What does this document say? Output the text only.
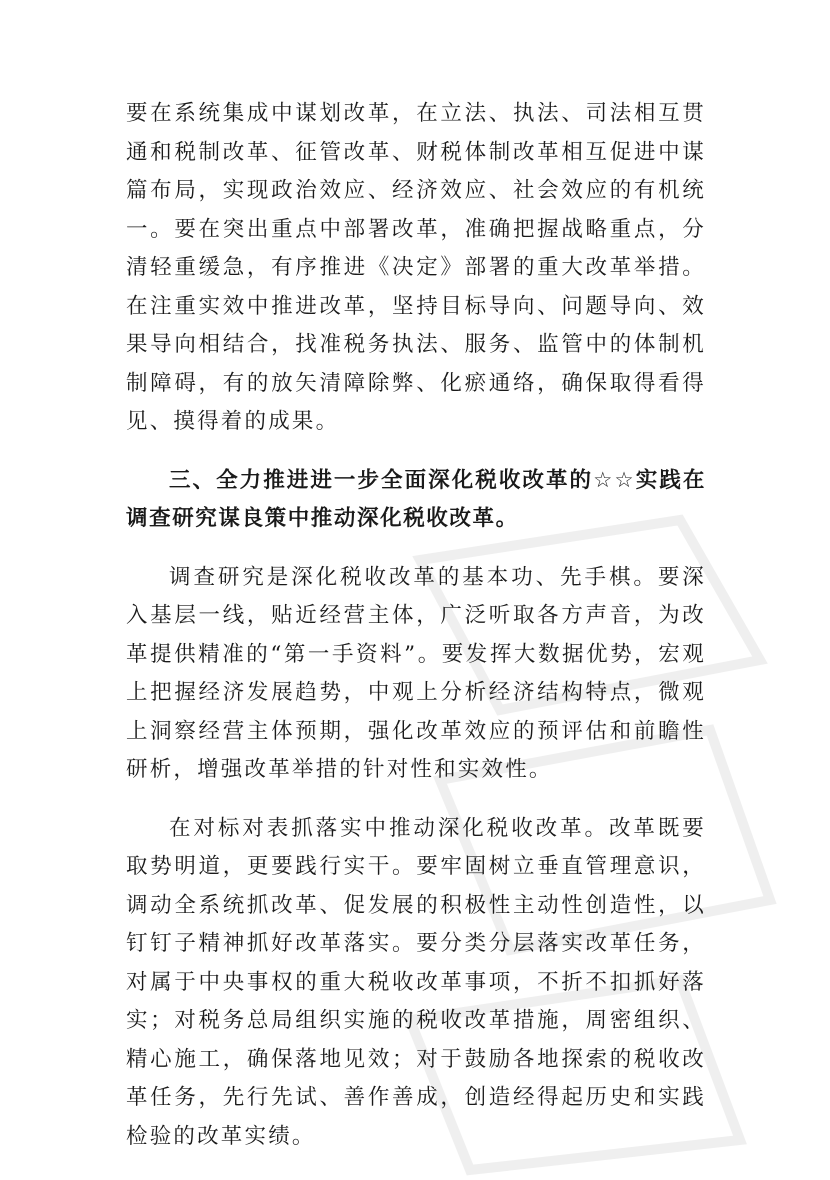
要在系统集成中谋划改革，在立法、执法、司法相互贯通和税制改革、征管改革、财税体制改革相互促进中谋篇布局，实现政治效应、经济效应、社会效应的有机统一。要在突出重点中部署改革，准确把握战略重点，分清轻重缓急，有序推进《决定》部署的重大改革举措。在注重实效中推进改革，坚持目标导向、问题导向、效果导向相结合，找准税务执法、服务、监管中的体制机制障碍，有的放矢清障除弊、化瘀通络，确保取得看得见、摸得着的成果。

三、全力推进进一步全面深化税收改革的☆☆实践在调查研究谋良策中推动深化税收改革。

调查研究是深化税收改革的基本功、先手棋。要深入基层一线，贴近经营主体，广泛听取各方声音，为改革提供精准的“第一手资料”。要发挥大数据优势，宏观上把握经济发展趋势，中观上分析经济结构特点，微观上洞察经营主体预期，强化改革效应的预评估和前瞻性研析，增强改革举措的针对性和实效性。

在对标对表抓落实中推动深化税收改革。改革既要取势明道，更要践行实干。要牢固树立垂直管理意识，调动全系统抓改革、促发展的积极性主动性创造性，以钉钉子精神抓好改革落实。要分类分层落实改革任务，对属于中央事权的重大税收改革事项，不折不扣抓好落实；对税务总局组织实施的税收改革措施，周密组织、精心施工，确保落地见效；对于鼓励各地探索的税收改革任务，先行先试、善作善成，创造经得起历史和实践检验的改革实绩。
